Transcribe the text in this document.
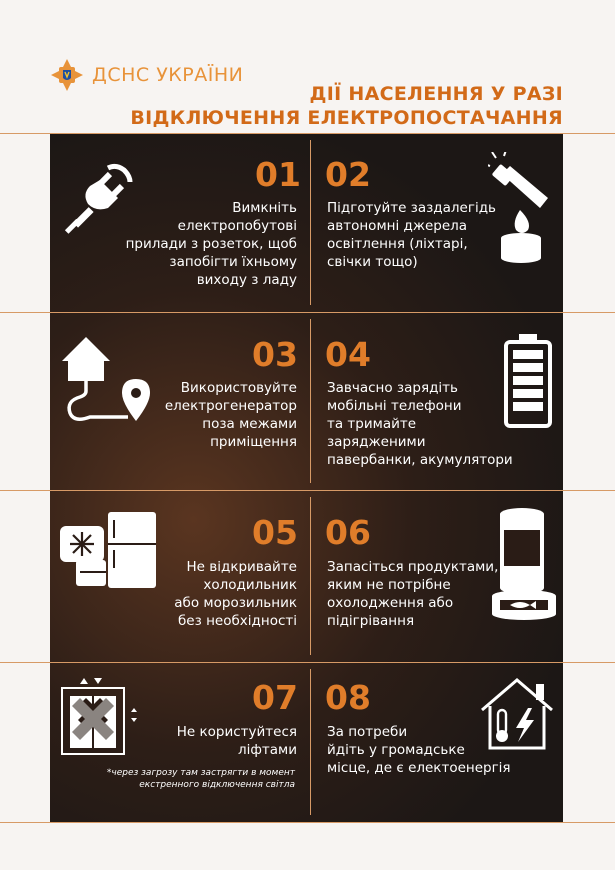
ДСНС УКРАЇНИ
ДІЇ НАСЕЛЕННЯ У РАЗІ
ВІДКЛЮЧЕННЯ ЕЛЕКТРОПОСТАЧАННЯ
01
Вимкніть
електропобутові
прилади з розеток, щоб
запобігти їхньому
виходу з ладу
02
Підготуйте заздалегідь
автономні джерела
освітлення (ліхтарі,
свічки тощо)
03
Використовуйте
електрогенератор
поза межами
приміщення
04
Завчасно зарядіть
мобільні телефони
та тримайте
зарядженими
павербанки, акумулятори
05
Не відкривайте
холодильник
або морозильник
без необхідності
06
Запасіться продуктами,
яким не потрібне
охолодження або
підігрівання
07
Не користуйтеся
ліфтами
*через загрозу там застрягти в момент
екстренного відключення світла
08
За потреби
йдіть у громадське
місце, де є електоенергія
